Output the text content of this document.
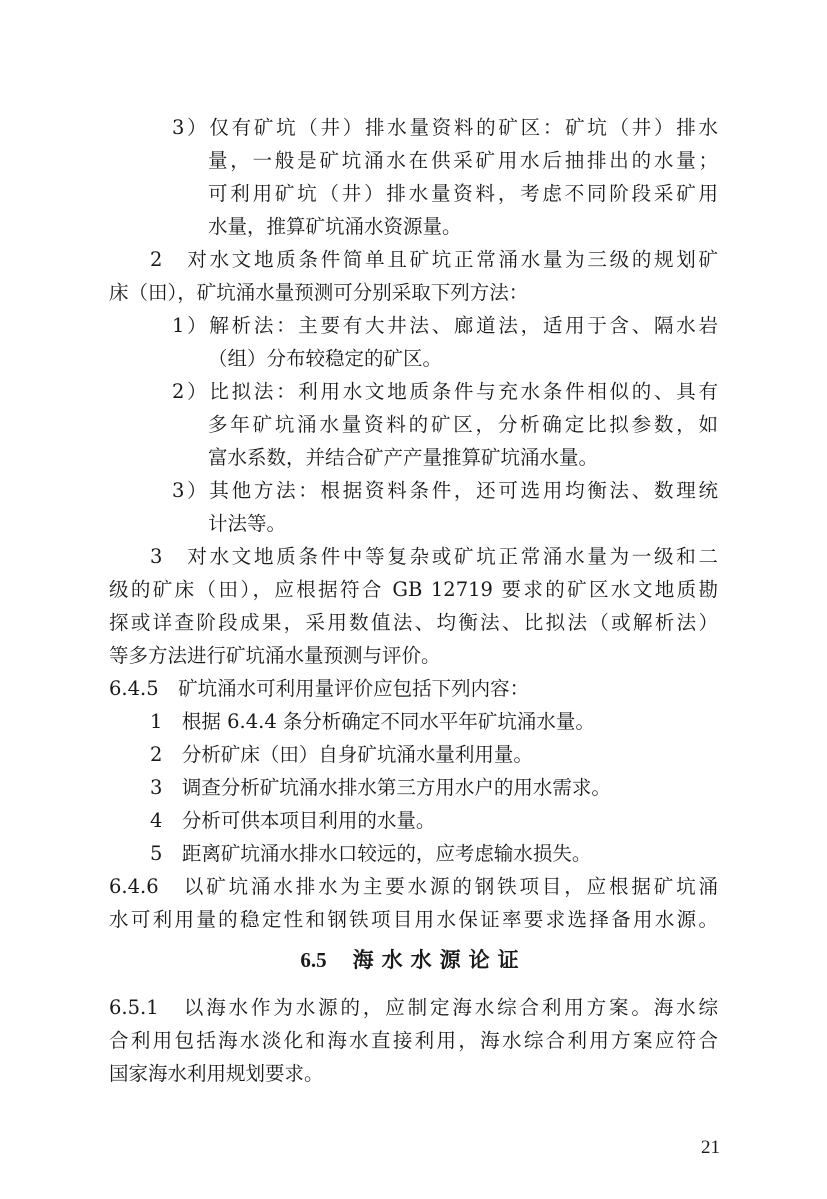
3）仅有矿坑（井）排水量资料的矿区：矿坑（井）排水

量，一般是矿坑涌水在供采矿用水后抽排出的水量；

可利用矿坑（井）排水量资料，考虑不同阶段采矿用

水量，推算矿坑涌水资源量。

2　对水文地质条件简单且矿坑正常涌水量为三级的规划矿

床（田），矿坑涌水量预测可分别采取下列方法：

1）解析法：主要有大井法、廊道法，适用于含、隔水岩

（组）分布较稳定的矿区。

2）比拟法：利用水文地质条件与充水条件相似的、具有

多年矿坑涌水量资料的矿区，分析确定比拟参数，如

富水系数，并结合矿产产量推算矿坑涌水量。

3）其他方法：根据资料条件，还可选用均衡法、数理统

计法等。

3　对水文地质条件中等复杂或矿坑正常涌水量为一级和二

级的矿床（田），应根据符合 GB 12719 要求的矿区水文地质勘

探或详查阶段成果，采用数值法、均衡法、比拟法（或解析法）

等多方法进行矿坑涌水量预测与评价。

6.4.5　矿坑涌水可利用量评价应包括下列内容：

1　根据 6.4.4 条分析确定不同水平年矿坑涌水量。

2　分析矿床（田）自身矿坑涌水量利用量。

3　调查分析矿坑涌水排水第三方用水户的用水需求。

4　分析可供本项目利用的水量。

5　距离矿坑涌水排水口较远的，应考虑输水损失。

6.4.6　以矿坑涌水排水为主要水源的钢铁项目，应根据矿坑涌

水可利用量的稳定性和钢铁项目用水保证率要求选择备用水源。

6.5 海水水源论证

6.5.1　以海水作为水源的，应制定海水综合利用方案。海水综

合利用包括海水淡化和海水直接利用，海水综合利用方案应符合

国家海水利用规划要求。

21
